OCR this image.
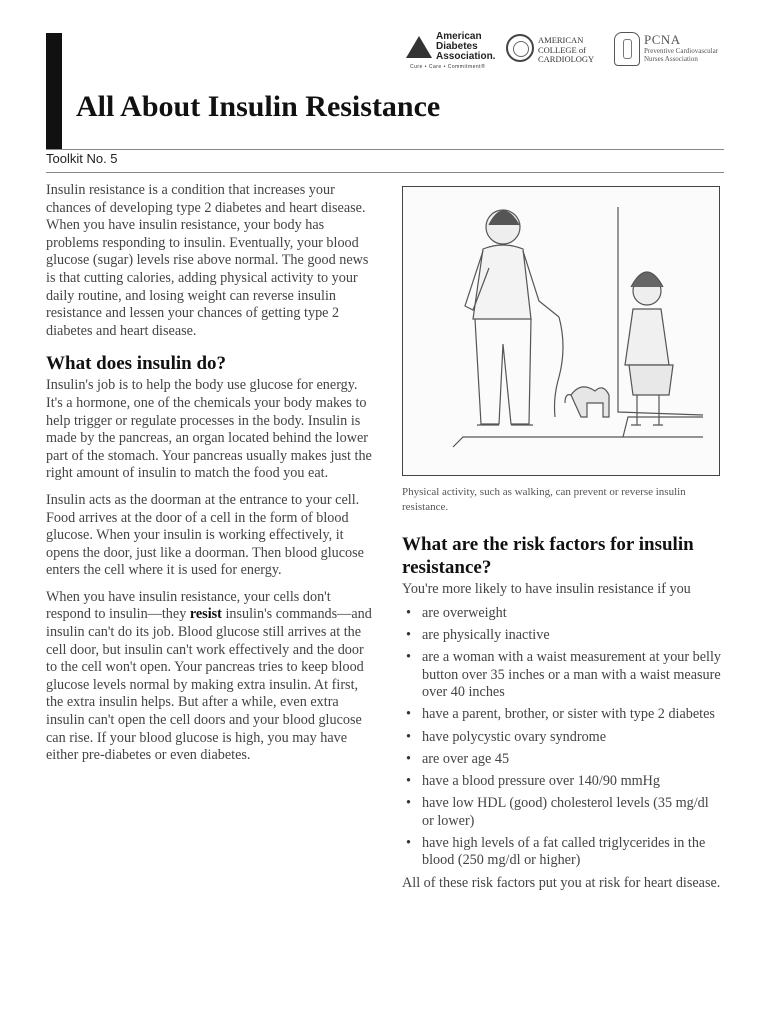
American
Diabetes
Association.
Cure • Care • Commitment®
AMERICAN
COLLEGE of
CARDIOLOGY
PCNA
Preventive Cardiovascular
Nurses Association
All About Insulin Resistance
Toolkit No. 5

Insulin resistance is a condition that increases your chances of developing type 2 diabetes and heart disease. When you have insulin resistance, your body has problems responding to insulin. Eventually, your blood glucose (sugar) levels rise above normal. The good news is that cutting calories, adding physical activity to your daily routine, and losing weight can reverse insulin resistance and lessen your chances of getting type 2 diabetes and heart disease.

What does insulin do?

Insulin's job is to help the body use glucose for energy. It's a hormone, one of the chemicals your body makes to help trigger or regulate processes in the body. Insulin is made by the pancreas, an organ located behind the lower part of the stomach. Your pancreas usually makes just the right amount of insulin to match the food you eat.

Insulin acts as the doorman at the entrance to your cell. Food arrives at the door of a cell in the form of blood glucose. When your insulin is working effectively, it opens the door, just like a doorman. Then blood glucose enters the cell where it is used for energy.

When you have insulin resistance, your cells don't respond to insulin—they resist insulin's commands—and insulin can't do its job. Blood glucose still arrives at the cell door, but insulin can't work effectively and the door to the cell won't open. Your pancreas tries to keep blood glucose levels normal by making extra insulin. At first, the extra insulin helps. But after a while, even extra insulin can't open the cell doors and your blood glucose can rise. If your blood glucose is high, you may have either pre-diabetes or even diabetes.

Physical activity, such as walking, can prevent or reverse insulin resistance.

What are the risk factors for insulin resistance?

You're more likely to have insulin resistance if you

• are overweight
• are physically inactive
• are a woman with a waist measurement at your belly button over 35 inches or a man with a waist measure over 40 inches
• have a parent, brother, or sister with type 2 diabetes
• have polycystic ovary syndrome
• are over age 45
• have a blood pressure over 140/90 mmHg
• have low HDL (good) cholesterol levels (35 mg/dl or lower)
• have high levels of a fat called triglycerides in the blood (250 mg/dl or higher)

All of these risk factors put you at risk for heart disease.
